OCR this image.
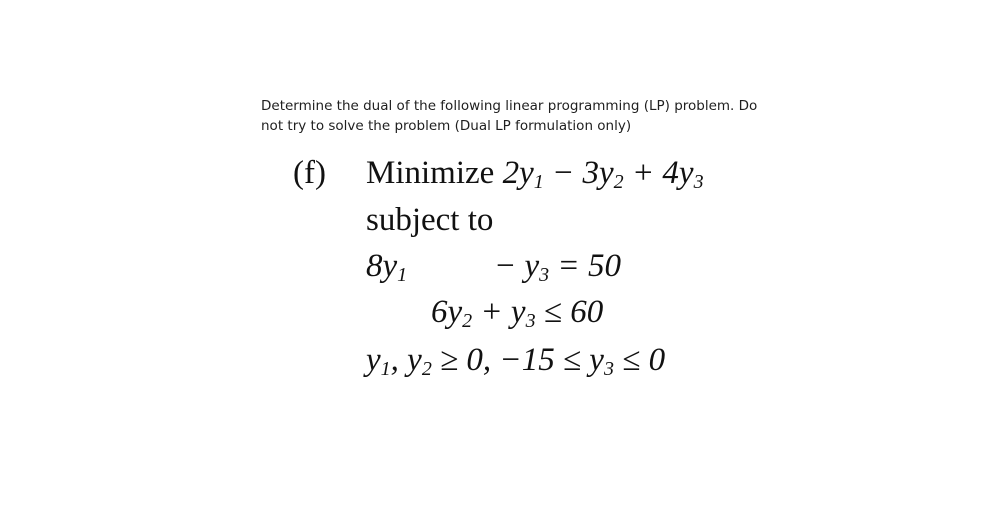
Determine the dual of the following linear programming (LP) problem. Do
not try to solve the problem (Dual LP formulation only)
(f) Minimize $2y_1 - 3y_2 + 4y_3$
subject to
$8y_1$	− $y_3 = 50$
$6y_2 + y_3 \le 60$
$y_1$, $y_2 \ge 0$, $-15 \le y_3 \le 0$
